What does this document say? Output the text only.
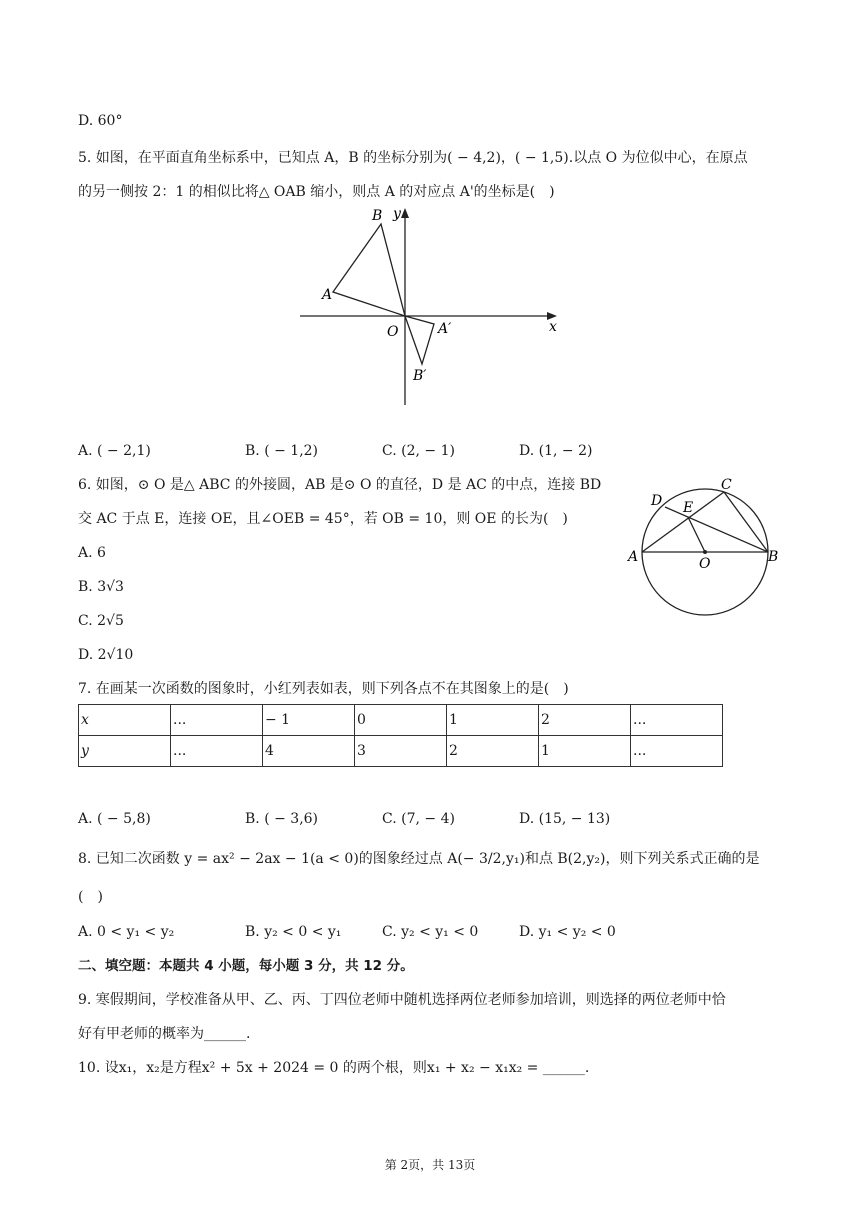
D. 60°
5. 如图，在平面直角坐标系中，已知点 A，B 的坐标分别为( − 4,2)，( − 1,5).以点 O 为位似中心，在原点
的另一侧按 2：1 的相似比将△ OAB 缩小，则点 A 的对应点 A'的坐标是(　)
B y
A
O	A′	x
B′
A. ( − 2,1)	B. ( − 1,2)	C. (2, − 1)	D. (1, − 2)
6. 如图，⊙ O 是△ ABC 的外接圆，AB 是⊙ O 的直径，D 是 AC 的中点，连接 BD
交 AC 于点 E，连接 OE，且∠OEB = 45°，若 OB = 10，则 OE 的长为(　)
A. 6
B. 3√3
C. 2√5
D. 2√10
A	B
C
D E
O
7. 在画某一次函数的图象时，小红列表如表，则下列各点不在其图象上的是(　)
x	...	− 1	0	1	2	...
y	...	4	3	2	1	...
A. ( − 5,8)	B. ( − 3,6)	C. (7, − 4)	D. (15, − 13)
8. 已知二次函数 y = ax² − 2ax − 1(a < 0)的图象经过点 A(− 3/2,y₁)和点 B(2,y₂)，则下列关系式正确的是
(　)
A. 0 < y₁ < y₂	B. y₂ < 0 < y₁	C. y₂ < y₁ < 0	D. y₁ < y₂ < 0
二、填空题：本题共 4 小题，每小题 3 分，共 12 分。
9. 寒假期间，学校准备从甲、乙、丙、丁四位老师中随机选择两位老师参加培训，则选择的两位老师中恰
好有甲老师的概率为______.
10. 设x₁，x₂是方程x² + 5x + 2024 = 0 的两个根，则x₁ + x₂ − x₁x₂ = ______.
第 2页，共 13页
